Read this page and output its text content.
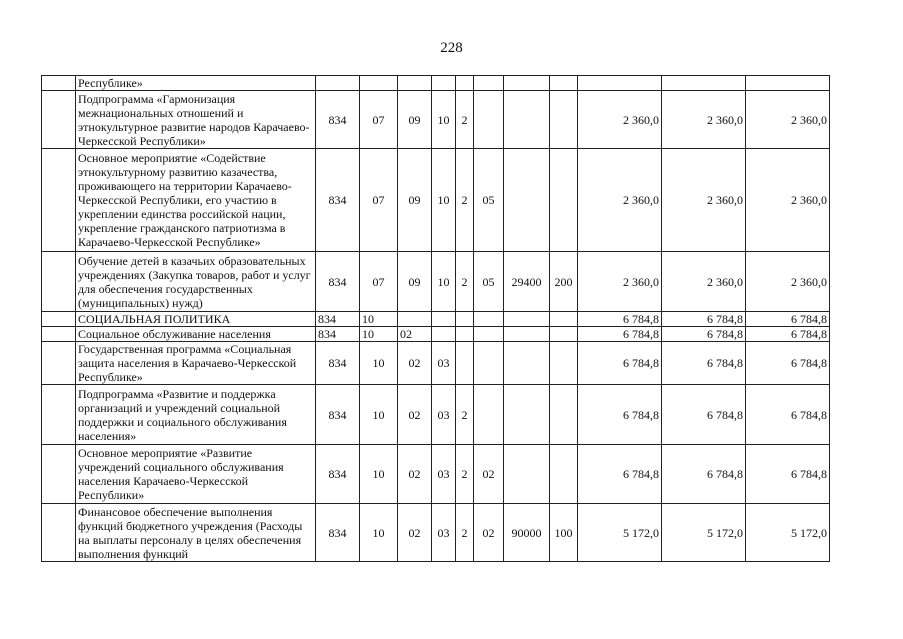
228
	Республике»											
	Подпрограмма «Гармонизация межнациональных отношений и этнокультурное развитие народов Карачаево-Черкесской Республики»	834	07	09	10	2				2 360,0	2 360,0	2 360,0
	Основное мероприятие «Содействие этнокультурному развитию казачества, проживающего на территории Карачаево-Черкесской Республики, его участию в укреплении единства российской нации, укрепление гражданского патриотизма в Карачаево-Черкесской Республике»	834	07	09	10	2	05			2 360,0	2 360,0	2 360,0
	Обучение детей в казачьих образовательных учреждениях (Закупка товаров, работ и услуг для обеспечения государственных (муниципальных) нужд)	834	07	09	10	2	05	29400	200	2 360,0	2 360,0	2 360,0
	СОЦИАЛЬНАЯ ПОЛИТИКА	834	10							6 784,8	6 784,8	6 784,8
	Социальное обслуживание населения	834	10	02						6 784,8	6 784,8	6 784,8
	Государственная программа «Социальная защита населения в Карачаево-Черкесской Республике»	834	10	02	03					6 784,8	6 784,8	6 784,8
	Подпрограмма «Развитие и поддержка организаций и учреждений социальной поддержки и социального обслуживания населения»	834	10	02	03	2				6 784,8	6 784,8	6 784,8
	Основное мероприятие «Развитие учреждений социального обслуживания населения Карачаево-Черкесской Республики»	834	10	02	03	2	02			6 784,8	6 784,8	6 784,8
	Финансовое обеспечение выполнения функций бюджетного учреждения (Расходы на выплаты персоналу в целях обеспечения выполнения функций	834	10	02	03	2	02	90000	100	5 172,0	5 172,0	5 172,0
